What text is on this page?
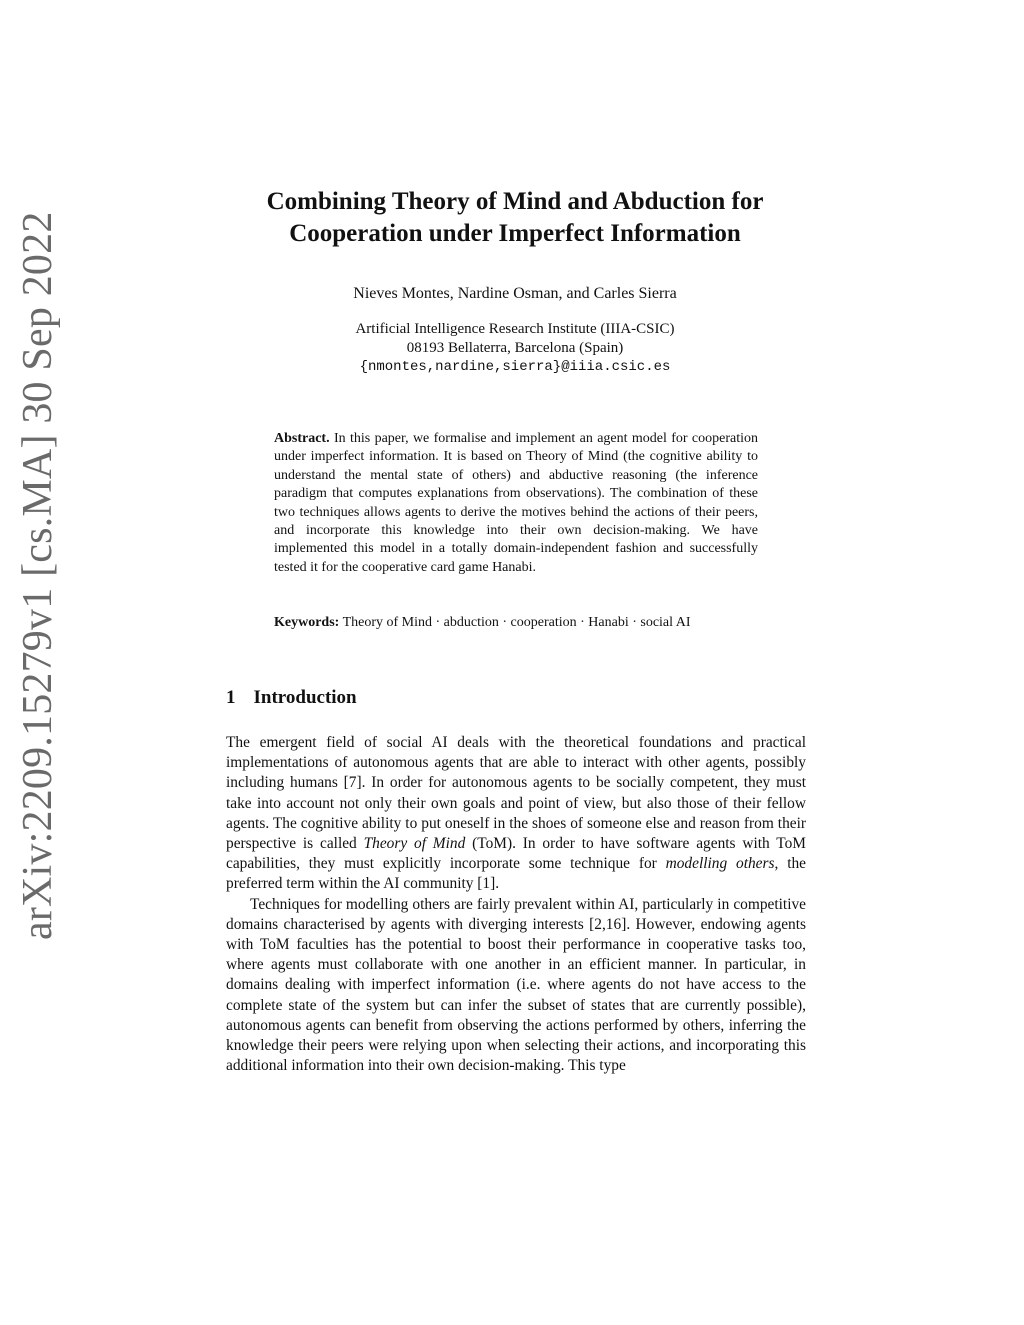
arXiv:2209.15279v1 [cs.MA] 30 Sep 2022
Combining Theory of Mind and Abduction for
Cooperation under Imperfect Information
Nieves Montes, Nardine Osman, and Carles Sierra
Artificial Intelligence Research Institute (IIIA-CSIC)
08193 Bellaterra, Barcelona (Spain)
{nmontes,nardine,sierra}@iiia.csic.es
Abstract. In this paper, we formalise and implement an agent model for cooperation under imperfect information. It is based on Theory of Mind (the cognitive ability to understand the mental state of others) and abductive reasoning (the inference paradigm that computes explanations from observations). The combination of these two techniques allows agents to derive the motives behind the actions of their peers, and incorporate this knowledge into their own decision-making. We have implemented this model in a totally domain-independent fashion and successfully tested it for the cooperative card game Hanabi.
Keywords: Theory of Mind · abduction · cooperation · Hanabi · social AI
1 Introduction

The emergent field of social AI deals with the theoretical foundations and practical implementations of autonomous agents that are able to interact with other agents, possibly including humans [7]. In order for autonomous agents to be socially competent, they must take into account not only their own goals and point of view, but also those of their fellow agents. The cognitive ability to put oneself in the shoes of someone else and reason from their perspective is called Theory of Mind (ToM). In order to have software agents with ToM capabilities, they must explicitly incorporate some technique for modelling others, the preferred term within the AI community [1].

Techniques for modelling others are fairly prevalent within AI, particularly in competitive domains characterised by agents with diverging interests [2,16]. However, endowing agents with ToM faculties has the potential to boost their performance in cooperative tasks too, where agents must collaborate with one another in an efficient manner. In particular, in domains dealing with imperfect information (i.e. where agents do not have access to the complete state of the system but can infer the subset of states that are currently possible), autonomous agents can benefit from observing the actions performed by others, inferring the knowledge their peers were relying upon when selecting their actions, and incorporating this additional information into their own decision-making. This type
